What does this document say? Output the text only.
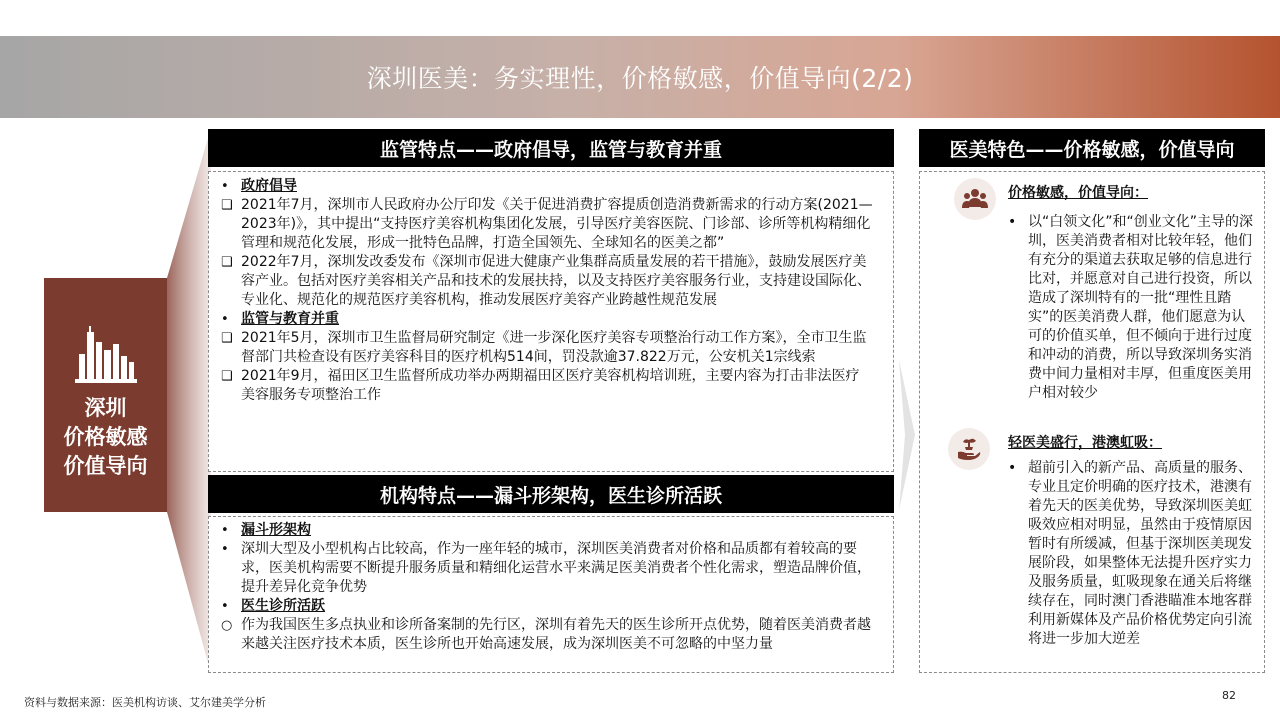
深圳医美：务实理性，价格敏感，价值导向(2/2)
深圳
价格敏感
价值导向
监管特点——政府倡导，监管与教育并重
• 政府倡导
❑ 2021年7月，深圳市人民政府办公厅印发《关于促进消费扩容提质创造消费新需求的行动方案(2021—2023年)》，其中提出“支持医疗美容机构集团化发展，引导医疗美容医院、门诊部、诊所等机构精细化管理和规范化发展，形成一批特色品牌，打造全国领先、全球知名的医美之都”
❑ 2022年7月，深圳发改委发布《深圳市促进大健康产业集群高质量发展的若干措施》，鼓励发展医疗美容产业。包括对医疗美容相关产品和技术的发展扶持，以及支持医疗美容服务行业，支持建设国际化、专业化、规范化的规范医疗美容机构，推动发展医疗美容产业跨越性规范发展
• 监管与教育并重
❑ 2021年5月，深圳市卫生监督局研究制定《进一步深化医疗美容专项整治行动工作方案》，全市卫生监督部门共检查设有医疗美容科目的医疗机构514间，罚没款逾37.822万元，公安机关1宗线索
❑ 2021年9月，福田区卫生监督所成功举办两期福田区医疗美容机构培训班，主要内容为打击非法医疗美容服务专项整治工作
机构特点——漏斗形架构，医生诊所活跃
• 漏斗形架构
• 深圳大型及小型机构占比较高，作为一座年轻的城市，深圳医美消费者对价格和品质都有着较高的要求，医美机构需要不断提升服务质量和精细化运营水平来满足医美消费者个性化需求，塑造品牌价值，提升差异化竞争优势
• 医生诊所活跃
○ 作为我国医生多点执业和诊所备案制的先行区，深圳有着先天的医生诊所开点优势，随着医美消费者越来越关注医疗技术本质，医生诊所也开始高速发展，成为深圳医美不可忽略的中坚力量
医美特色——价格敏感，价值导向
价格敏感，价值导向：
• 以“白领文化”和“创业文化”主导的深圳，医美消费者相对比较年轻，他们有充分的渠道去获取足够的信息进行比对，并愿意对自己进行投资，所以造成了深圳特有的一批“理性且踏实”的医美消费人群，他们愿意为认可的价值买单，但不倾向于进行过度和冲动的消费，所以导致深圳务实消费中间力量相对丰厚，但重度医美用户相对较少
轻医美盛行，港澳虹吸：
• 超前引入的新产品、高质量的服务、专业且定价明确的医疗技术，港澳有着先天的医美优势，导致深圳医美虹吸效应相对明显，虽然由于疫情原因暂时有所缓减，但基于深圳医美现发展阶段，如果整体无法提升医疗实力及服务质量，虹吸现象在通关后将继续存在，同时澳门香港瞄准本地客群利用新媒体及产品价格优势定向引流将进一步加大逆差
资料与数据来源：医美机构访谈、艾尔建美学分析
82
